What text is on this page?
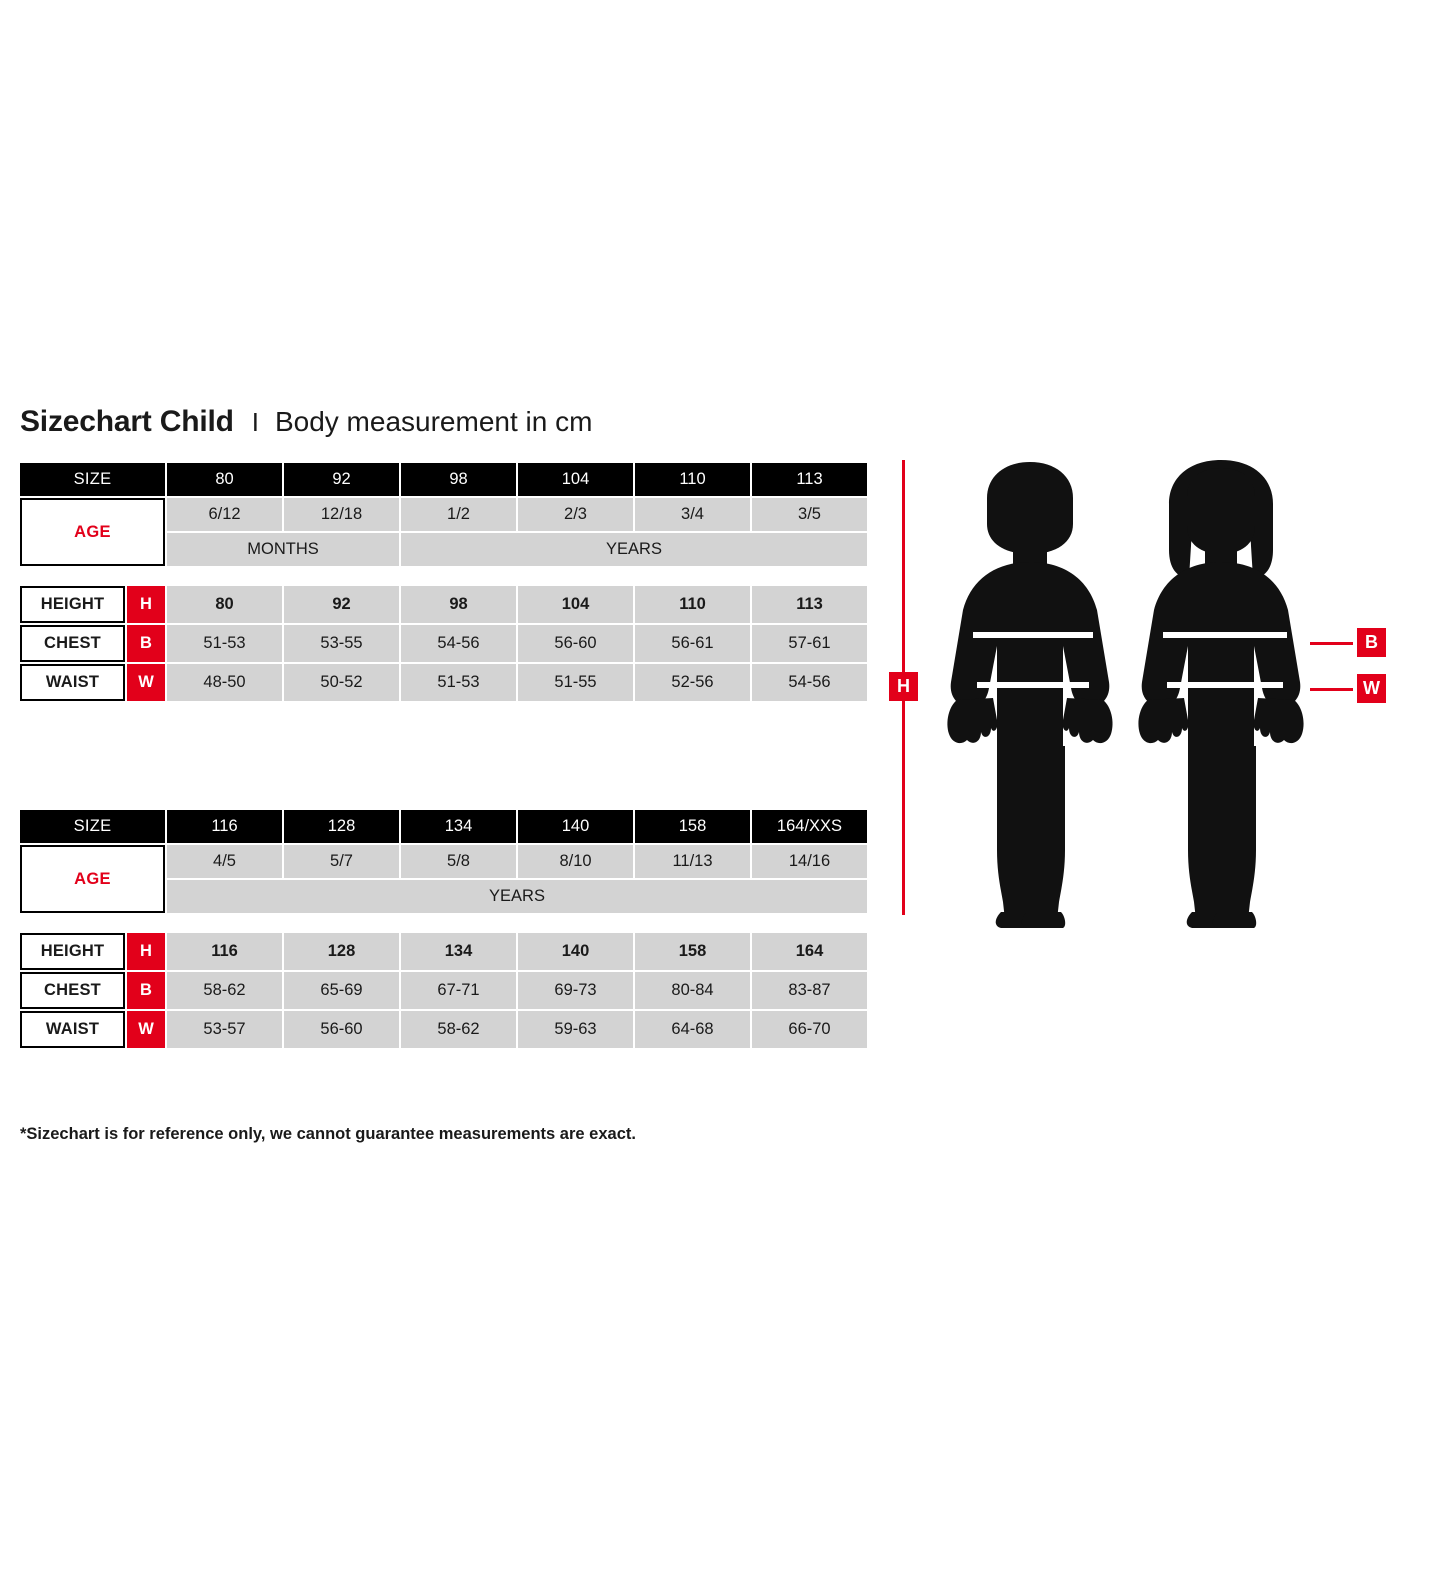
Sizechart Child I Body measurement in cm
SIZE		80	92	98	104	110	113
AGE		6/12	12/18	1/2	2/3	3/4	3/5
		MONTHS		YEARS			

HEIGHT	H	80	92	98	104	110	113
CHEST	B	51-53	53-55	54-56	56-60	56-61	57-61
WAIST	W	48-50	50-52	51-53	51-55	52-56	54-56
SIZE		116	128	134	140	158	164/XXS
AGE		4/5	5/7	5/8	8/10	11/13	14/16
		YEARS					

HEIGHT	H	116	128	134	140	158	164
CHEST	B	58-62	65-69	67-71	69-73	80-84	83-87
WAIST	W	53-57	56-60	58-62	59-63	64-68	66-70
*Sizechart is for reference only, we cannot guarantee measurements are exact.
H
B
W
